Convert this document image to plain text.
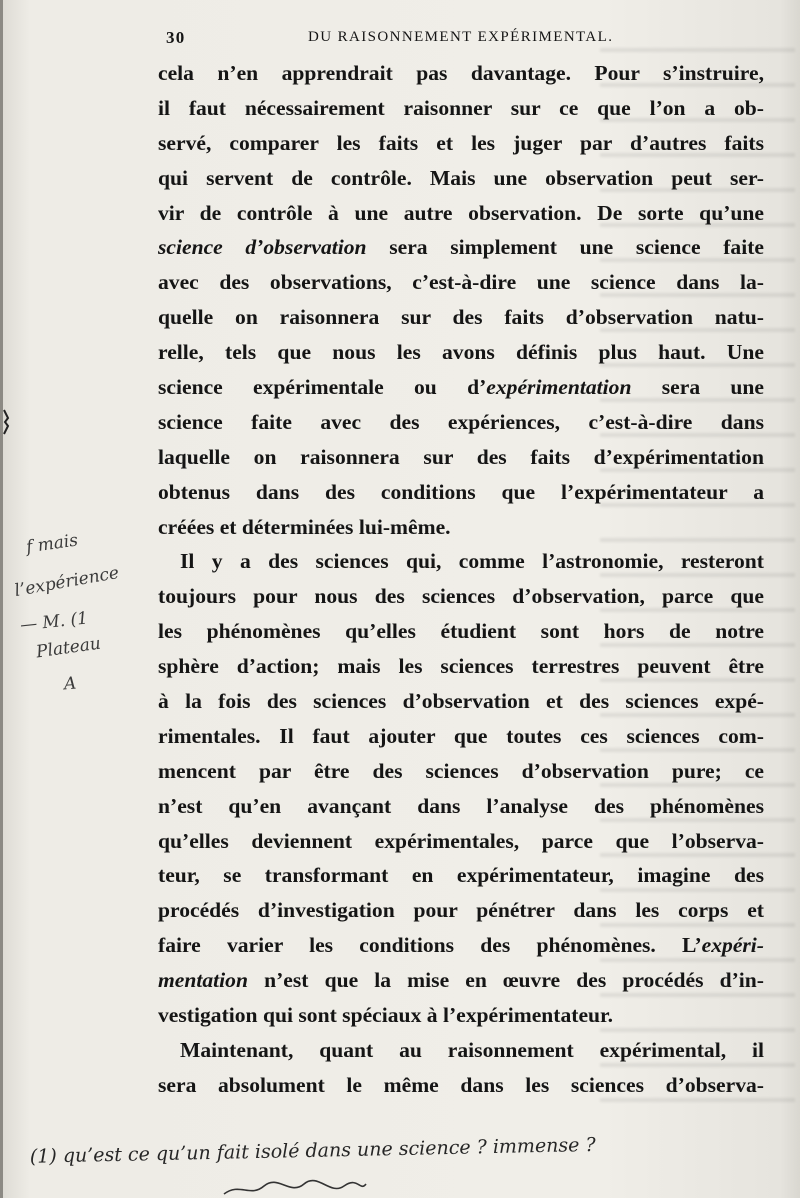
30	DU RAISONNEMENT EXPÉRIMENTAL.
cela n’en apprendrait pas davantage. Pour s’instruire,
il faut nécessairement raisonner sur ce que l’on a ob-
servé, comparer les faits et les juger par d’autres faits
qui servent de contrôle. Mais une observation peut ser-
vir de contrôle à une autre observation. De sorte qu’une
science d’observation sera simplement une science faite
avec des observations, c’est-à-dire une science dans la-
quelle on raisonnera sur des faits d’observation natu-
relle, tels que nous les avons définis plus haut. Une
science expérimentale ou d’expérimentation sera une
science faite avec des expériences, c’est-à-dire dans
laquelle on raisonnera sur des faits d’expérimentation
obtenus dans des conditions que l’expérimentateur a
créées et déterminées lui-même.
Il y a des sciences qui, comme l’astronomie, resteront
toujours pour nous des sciences d’observation, parce que
les phénomènes qu’elles étudient sont hors de notre
sphère d’action; mais les sciences terrestres peuvent être
à la fois des sciences d’observation et des sciences expé-
rimentales. Il faut ajouter que toutes ces sciences com-
mencent par être des sciences d’observation pure; ce
n’est qu’en avançant dans l’analyse des phénomènes
qu’elles deviennent expérimentales, parce que l’observa-
teur, se transformant en expérimentateur, imagine des
procédés d’investigation pour pénétrer dans les corps et
faire varier les conditions des phénomènes. L’expéri-
mentation n’est que la mise en œuvre des procédés d’in-
vestigation qui sont spéciaux à l’expérimentateur.
Maintenant, quant au raisonnement expérimental, il
sera absolument le même dans les sciences d’observa-
f mais
l’expérience
— M. (1
Plateau
A
(1) qu’est ce qu’un fait isolé dans une science ? immense ?
